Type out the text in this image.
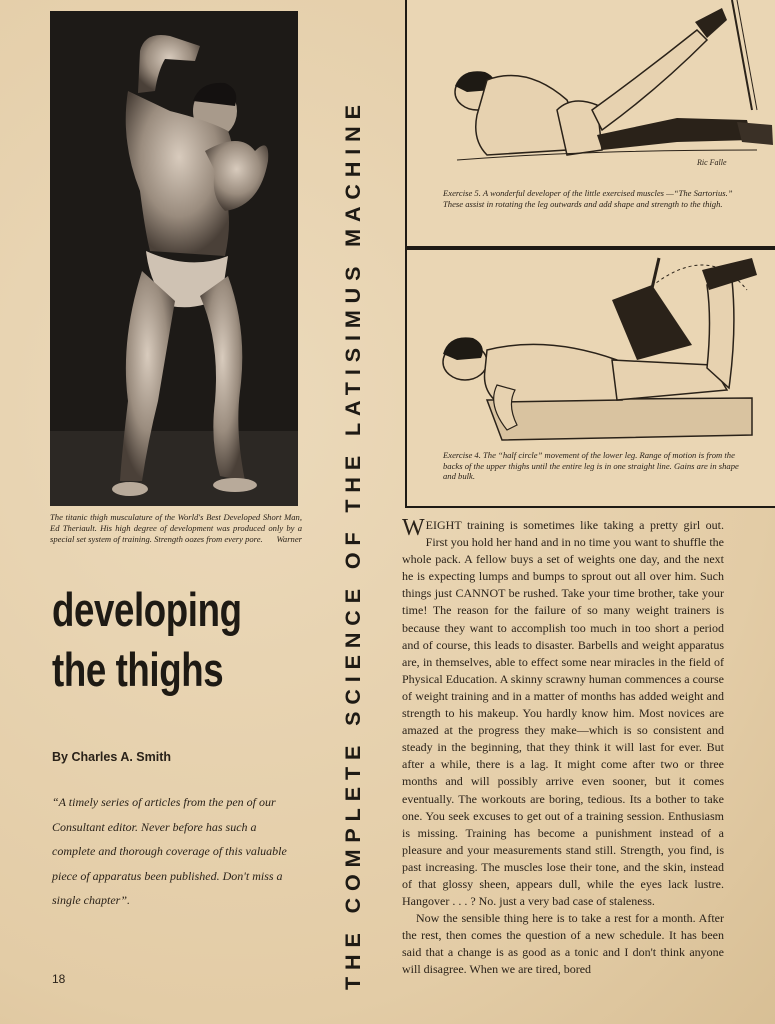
The titanic thigh musculature of the World's Best Developed Short Man, Ed Theriault. His high degree of development was produced only by a special set system of training. Strength oozes from every pore. Warner
developing
the thighs
By Charles A. Smith
“A timely series of articles from the pen of our Consultant editor. Never before has such a complete and thorough coverage of this valuable piece of apparatus been published. Don't miss a single chapter”.
18	THE COMPLETE SCIENCE OF THE LATISIMUS MACHINE	Ric Falle
Exercise 5. A wonderful developer of the little exercised muscles —“The Sartorius.” These assist in rotating the leg outwards and add shape and strength to the thigh.
Exercise 4. The “half circle” movement of the lower leg. Range of motion is from the backs of the upper thighs until the entire leg is in one straight line. Gains are in shape and bulk.

WEIGHT training is sometimes like taking a pretty girl out. First you hold her hand and in no time you want to shuffle the whole pack. A fellow buys a set of weights one day, and the next he is expecting lumps and bumps to sprout out all over him. Such things just CANNOT be rushed. Take your time brother, take your time! The reason for the failure of so many weight trainers is because they want to accomplish too much in too short a period and of course, this leads to disaster. Barbells and weight apparatus are, in themselves, able to effect some near miracles in the field of Physical Education. A skinny scrawny human commences a course of weight training and in a matter of months has added weight and strength to his makeup. You hardly know him. Most novices are amazed at the progress they make—which is so consistent and steady in the beginning, that they think it will last for ever. But after a while, there is a lag. It might come after two or three months and will possibly arrive even sooner, but it comes eventually. The workouts are boring, tedious. Its a bother to take one. You seek excuses to get out of a training session. Enthusiasm is missing. Training has become a punishment instead of a pleasure and your measurements stand still. Strength, you find, is past increasing. The muscles lose their tone, and the skin, instead of that glossy sheen, appears dull, while the eyes lack lustre. Hangover . . . ? No. just a very bad case of staleness.

Now the sensible thing here is to take a rest for a month. After the rest, then comes the question of a new schedule. It has been said that a change is as good as a tonic and I don't think anyone will disagree. When we are tired, bored
